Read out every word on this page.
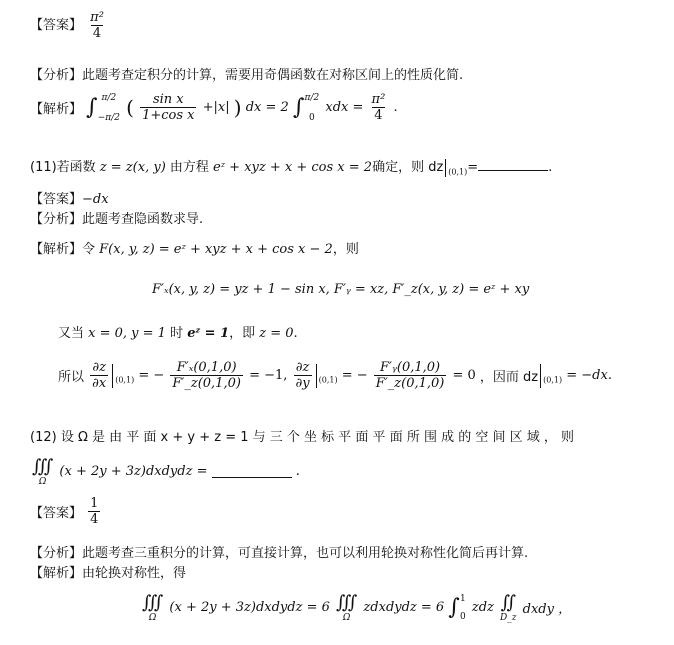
【答案】 $\frac{\text{π²}}{4}$
【分析】此题考查定积分的计算，需要用奇偶函数在对称区间上的性质化简.
【解析】 ∫ π/2
−π/2 ( $\frac{\text{sin x}}{\text{1+cos x}} +|x|$ ) dx = 2 ∫ π/2
0
xdx = $\frac{\text{π²}}{4}$ .
(11)若函数 z = z(x, y) 由方程 eᶻ + xyz + x + cos x = 2确定，则 dz $_{(0,1)}$=	.
【答案】−dx
【分析】此题考查隐函数求导.
【解析】令 F(x, y, z) = eᶻ + xyz + x + cos x − 2，则
F′ₓ(x, y, z) = yz + 1 − sin x, F′ᵧ = xz, F′_z(x, y, z) = eᶻ + xy
又当 x = 0, y = 1 时 eᶻ = 1，即 z = 0.
所以 $\frac{\partial z}{\partial x} _{(0,1)}$ = − $\frac{\text{F′ₓ(0,1,0)}}{F'\_z(0,1,0)} = -1$, $\frac{\partial z}{\partial y} _{(0,1)}$ = − $\frac{\text{F′ᵧ(0,1,0)}}{F'\_z(0,1,0)} = 0$ ，因而 dz $_{(0,1)}$ = −dx.
(12) 设 Ω 是 由 平 面 x + y + z = 1 与 三 个 坐 标 平 面 平 面 所 围 成 的 空 间 区 域 ， 则
∭
Ω
(x + 2y + 3z)dxdydz =	.
【答案】 $\frac{1}{4}$
【分析】此题考查三重积分的计算，可直接计算，也可以利用轮换对称性化简后再计算.
【解析】由轮换对称性，得
∭
Ω
(x + 2y + 3z)dxdydz = 6 ∭
Ω
zdxdydz = 6 ∫ 1
0
zdz ∬
D_z
dxdy ，
